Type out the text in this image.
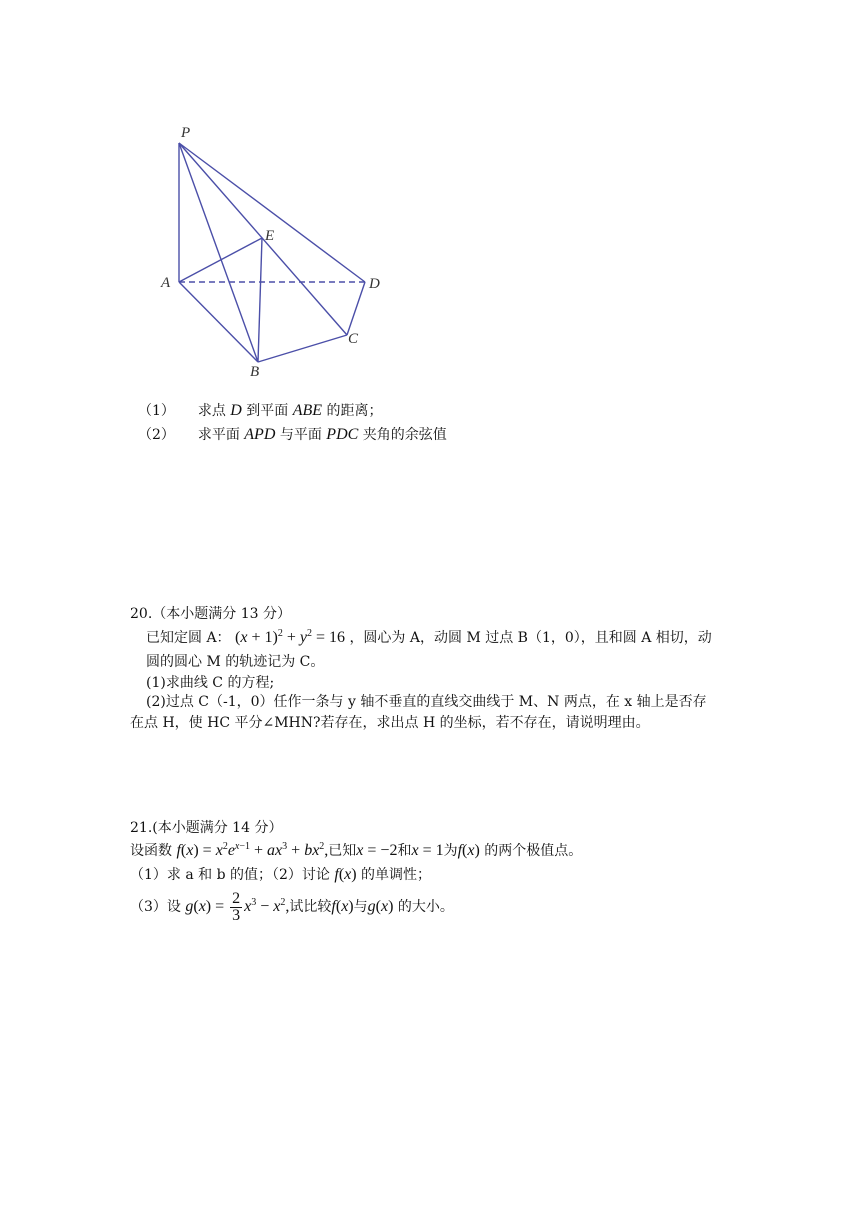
P
E
A	D
C
B
（1） 求点 D 到平面 ABE 的距离；
（2） 求平面 APD 与平面 PDC 夹角的余弦值
20.（本小题满分 13 分）
已知定圆 A： $(x + 1)^2 + y^2 = 16$ ，圆心为 A，动圆 M 过点 B（1，0），且和圆 A 相切，动
圆的圆心 M 的轨迹记为 C。
(1)求曲线 C 的方程;
(2)过点 C（-1，0）任作一条与 y 轴不垂直的直线交曲线于 M、N 两点，在 x 轴上是否存
在点 H，使 HC 平分∠MHN?若存在，求出点 H 的坐标，若不存在，请说明理由。
21.(本小题满分 14 分）
设函数 $f(x) = x^2e^{x-1} + ax^3 + bx^2$,已知x = −2和x = 1为f(x) 的两个极值点。
（1）求 a 和 b 的值；（2）讨论 f(x) 的单调性；
（3）设 $g(x) = \frac{2}{3} x^3 - x^2$,试比较f(x)与g(x) 的大小。
